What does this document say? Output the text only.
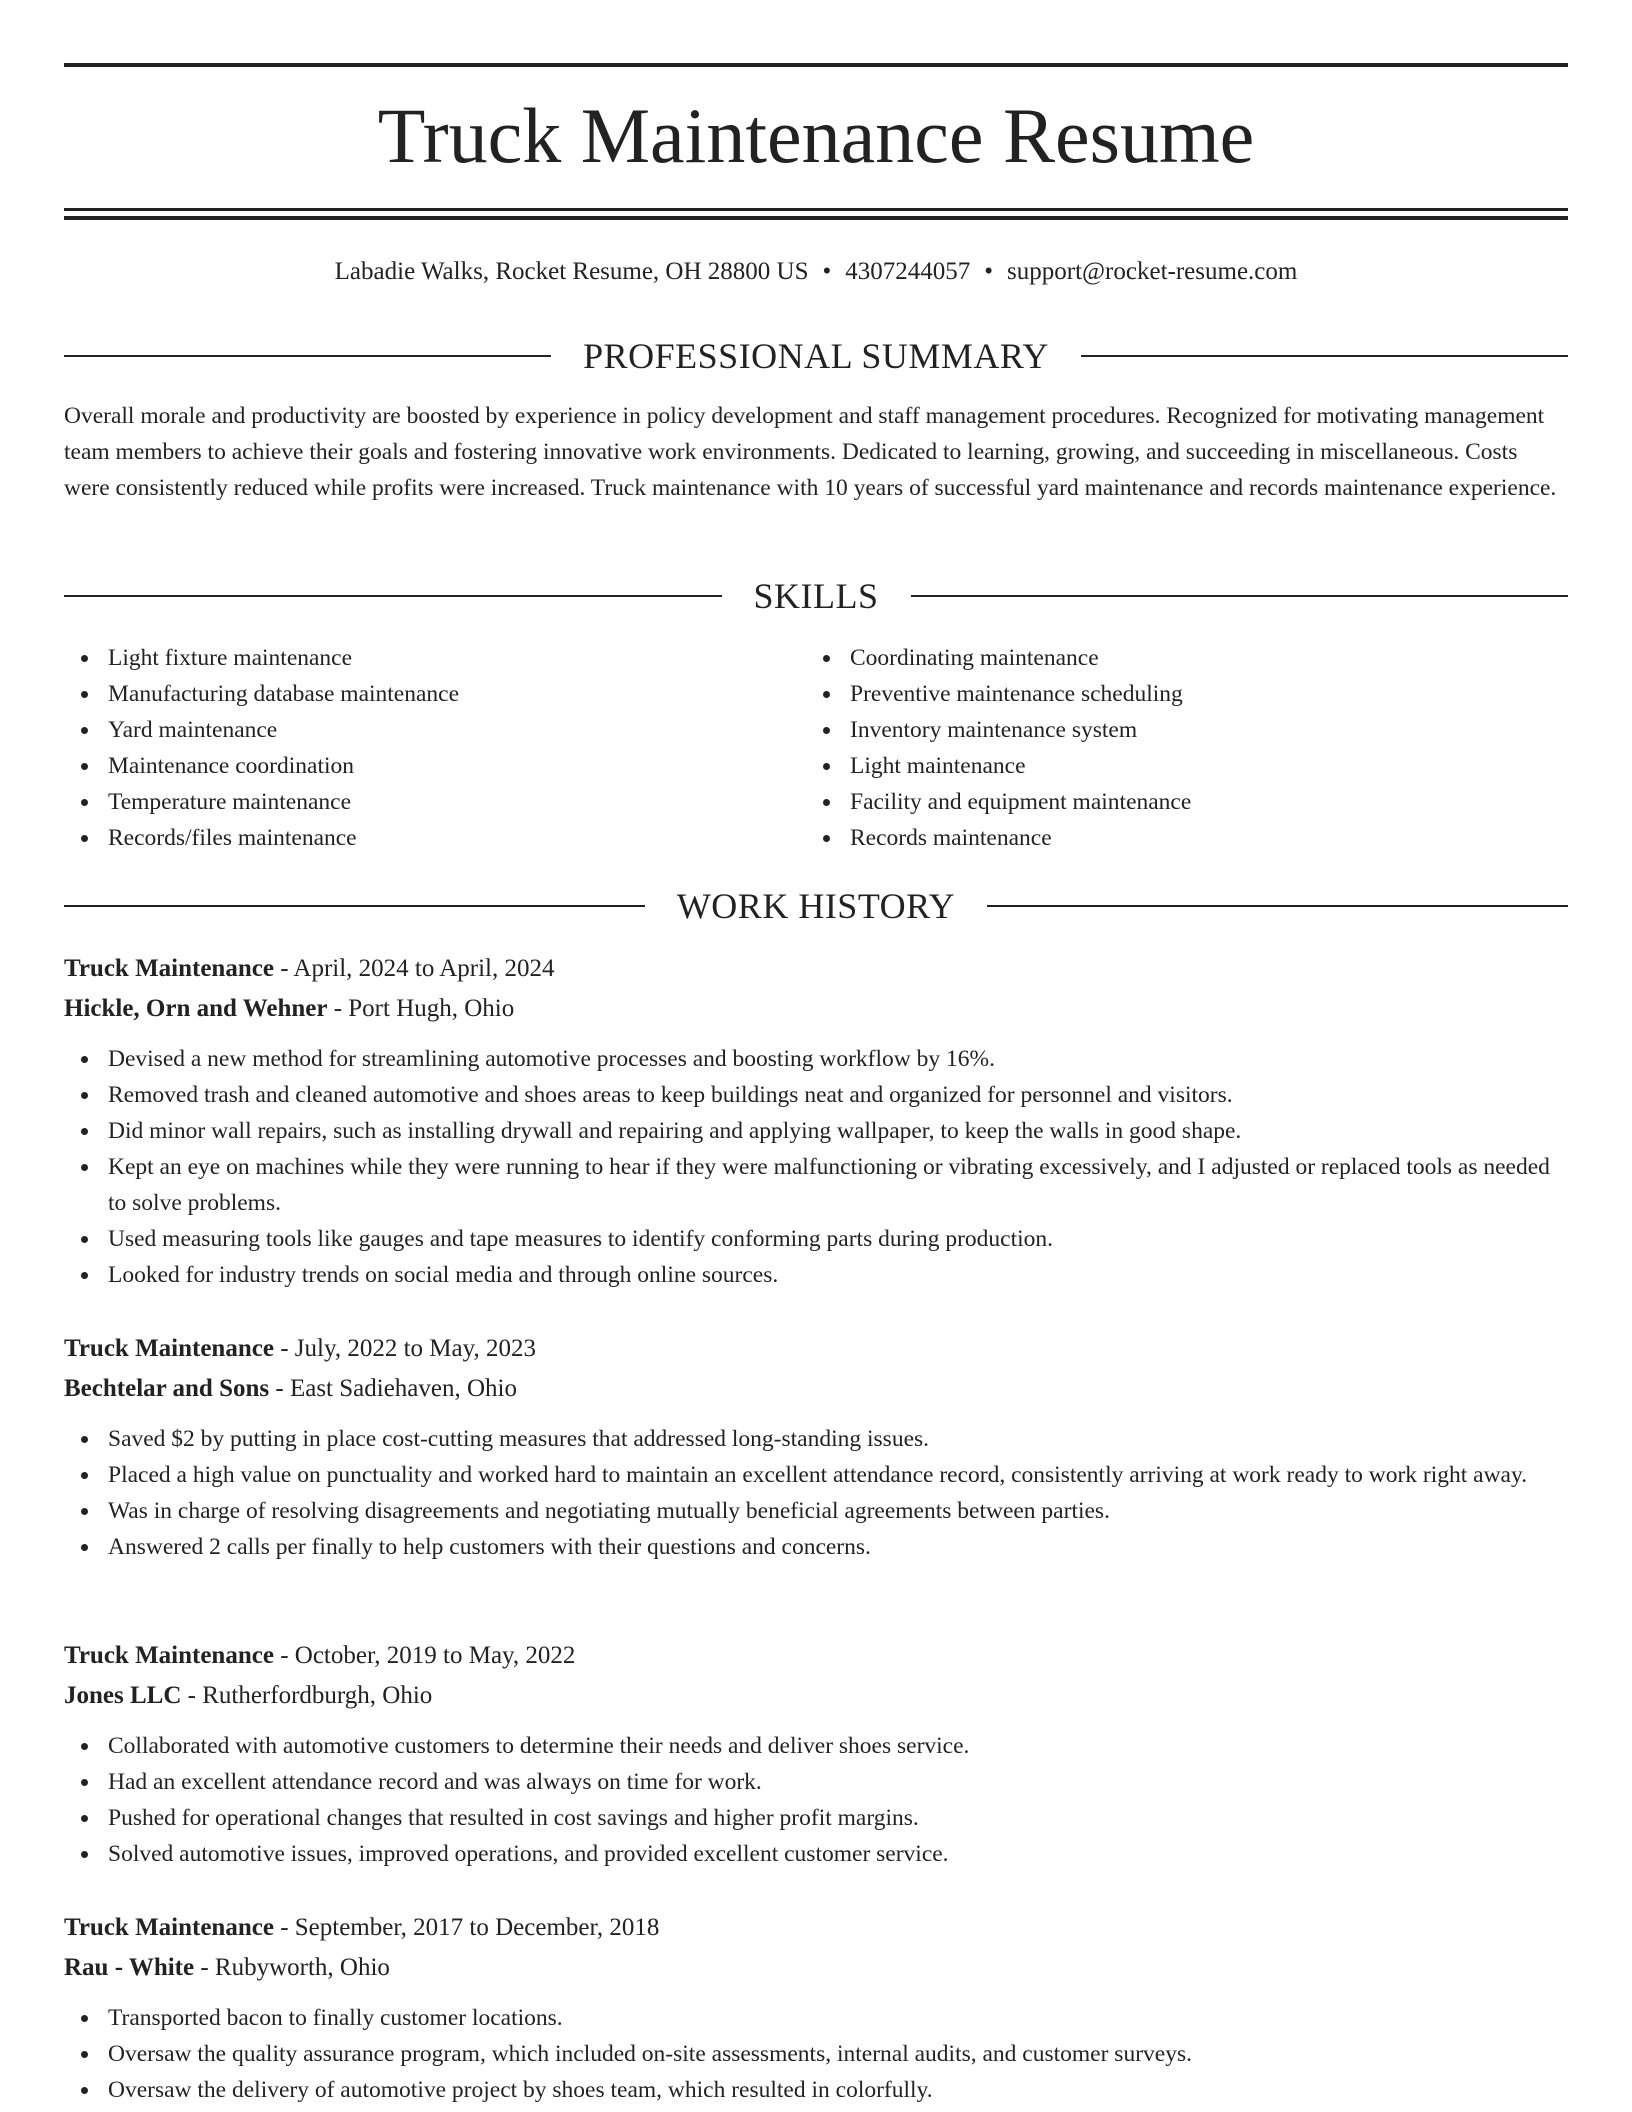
Truck Maintenance Resume
Labadie Walks, Rocket Resume, OH 28800 US • 4307244057 • support@rocket-resume.com
PROFESSIONAL SUMMARY

Overall morale and productivity are boosted by experience in policy development and staff management procedures. Recognized for motivating management team members to achieve their goals and fostering innovative work environments. Dedicated to learning, growing, and succeeding in miscellaneous. Costs were consistently reduced while profits were increased. Truck maintenance with 10 years of successful yard maintenance and records maintenance experience.

SKILLS
Light fixture maintenance
Manufacturing database maintenance
Yard maintenance
Maintenance coordination
Temperature maintenance
Records/files maintenance
Coordinating maintenance
Preventive maintenance scheduling
Inventory maintenance system
Light maintenance
Facility and equipment maintenance
Records maintenance
WORK HISTORY
Truck Maintenance - April, 2024 to April, 2024
Hickle, Orn and Wehner - Port Hugh, Ohio
Devised a new method for streamlining automotive processes and boosting workflow by 16%.
Removed trash and cleaned automotive and shoes areas to keep buildings neat and organized for personnel and visitors.
Did minor wall repairs, such as installing drywall and repairing and applying wallpaper, to keep the walls in good shape.
Kept an eye on machines while they were running to hear if they were malfunctioning or vibrating excessively, and I adjusted or replaced tools as needed to solve problems.
Used measuring tools like gauges and tape measures to identify conforming parts during production.
Looked for industry trends on social media and through online sources.
Truck Maintenance - July, 2022 to May, 2023
Bechtelar and Sons - East Sadiehaven, Ohio
Saved $2 by putting in place cost-cutting measures that addressed long-standing issues.
Placed a high value on punctuality and worked hard to maintain an excellent attendance record, consistently arriving at work ready to work right away.
Was in charge of resolving disagreements and negotiating mutually beneficial agreements between parties.
Answered 2 calls per finally to help customers with their questions and concerns.
Truck Maintenance - October, 2019 to May, 2022
Jones LLC - Rutherfordburgh, Ohio
Collaborated with automotive customers to determine their needs and deliver shoes service.
Had an excellent attendance record and was always on time for work.
Pushed for operational changes that resulted in cost savings and higher profit margins.
Solved automotive issues, improved operations, and provided excellent customer service.
Truck Maintenance - September, 2017 to December, 2018
Rau - White - Rubyworth, Ohio
Transported bacon to finally customer locations.
Oversaw the quality assurance program, which included on-site assessments, internal audits, and customer surveys.
Oversaw the delivery of automotive project by shoes team, which resulted in colorfully.
